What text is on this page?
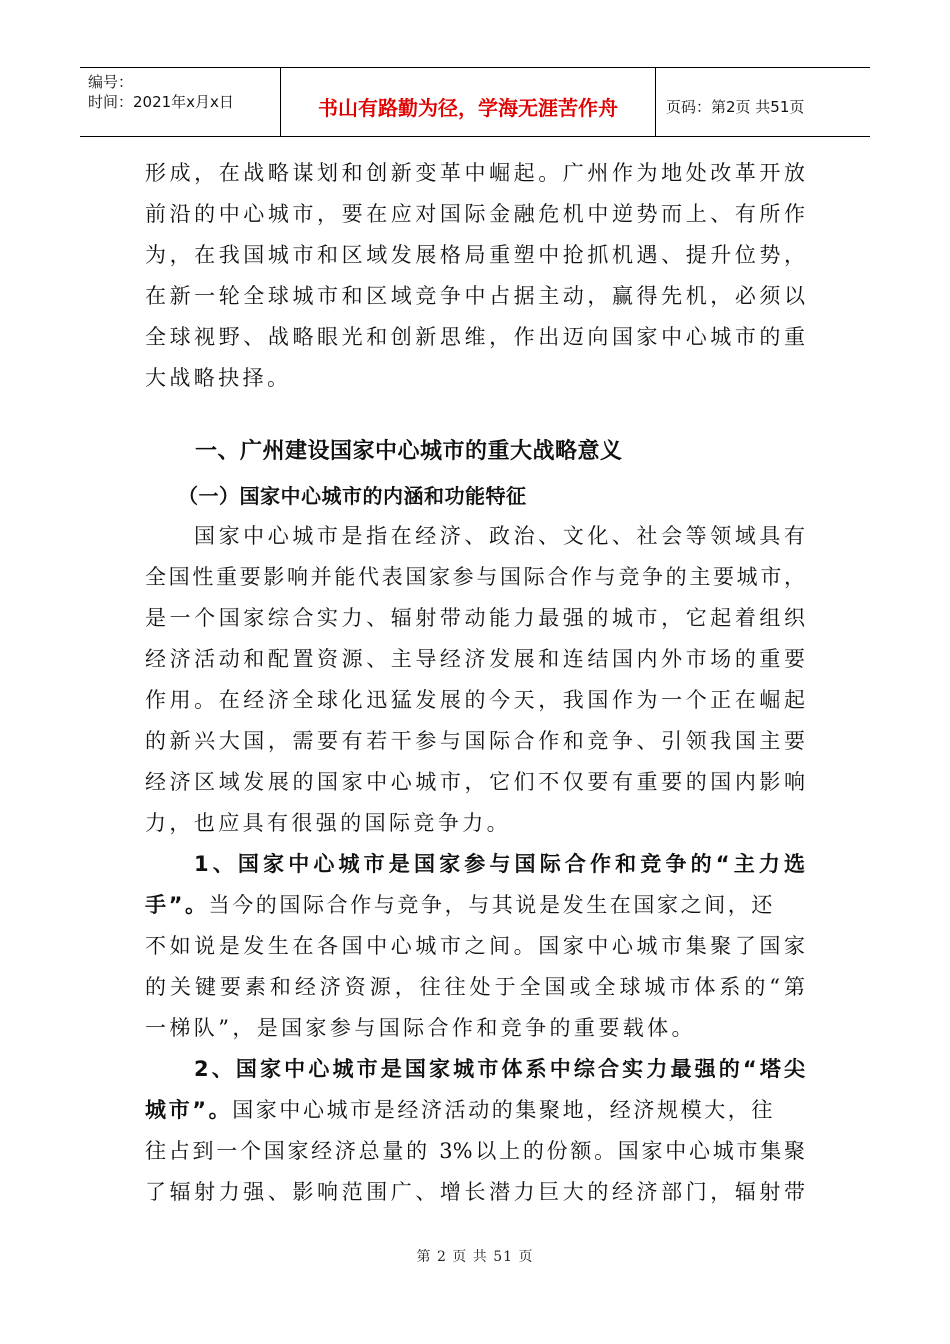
编号：
时间：2021年x月x日	书山有路勤为径，学海无涯苦作舟	页码：第2页 共51页
形成，在战略谋划和创新变革中崛起。广州作为地处改革开放
前沿的中心城市，要在应对国际金融危机中逆势而上、有所作
为，在我国城市和区域发展格局重塑中抢抓机遇、提升位势，
在新一轮全球城市和区域竞争中占据主动，赢得先机，必须以
全球视野、战略眼光和创新思维，作出迈向国家中心城市的重
大战略抉择。
一、广州建设国家中心城市的重大战略意义
（一）国家中心城市的内涵和功能特征
国家中心城市是指在经济、政治、文化、社会等领域具有
全国性重要影响并能代表国家参与国际合作与竞争的主要城市，
是一个国家综合实力、辐射带动能力最强的城市，它起着组织
经济活动和配置资源、主导经济发展和连结国内外市场的重要
作用。在经济全球化迅猛发展的今天，我国作为一个正在崛起
的新兴大国，需要有若干参与国际合作和竞争、引领我国主要
经济区域发展的国家中心城市，它们不仅要有重要的国内影响
力，也应具有很强的国际竞争力。
1、国家中心城市是国家参与国际合作和竞争的“主力选
手”。当今的国际合作与竞争，与其说是发生在国家之间，还
不如说是发生在各国中心城市之间。国家中心城市集聚了国家
的关键要素和经济资源，往往处于全国或全球城市体系的“第
一梯队”，是国家参与国际合作和竞争的重要载体。
2、国家中心城市是国家城市体系中综合实力最强的“塔尖
城市”。国家中心城市是经济活动的集聚地，经济规模大，往
往占到一个国家经济总量的 3%以上的份额。国家中心城市集聚
了辐射力强、影响范围广、增长潜力巨大的经济部门，辐射带
第 2 页 共 51 页
